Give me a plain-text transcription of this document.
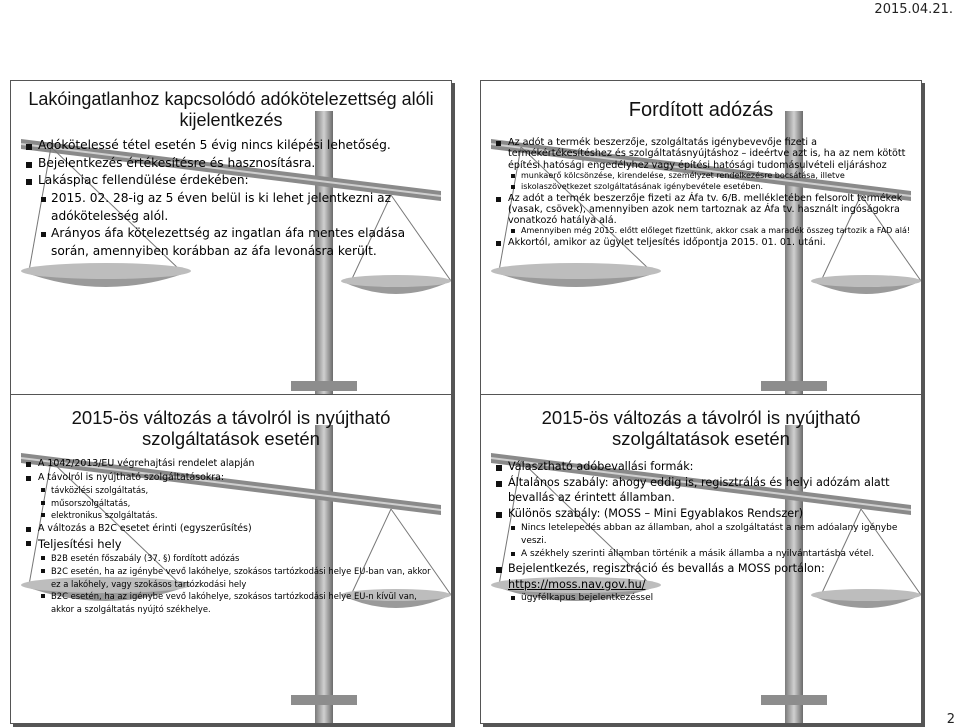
2015.04.21.
2
Lakóingatlanhoz kapcsolódó adókötelezettség alóli kijelentkezés
Adókötelessé tétel esetén 5 évig nincs kilépési lehetőség.
Bejelentkezés értékesítésre és hasznosításra.
Lakáspiac fellendülése érdekében:
2015. 02. 28-ig az 5 éven belül is ki lehet jelentkezni az adókötelesség alól.
Arányos áfa kötelezettség az ingatlan áfa mentes eladása során, amennyiben korábban az áfa levonásra került.
Fordított adózás
Az adót a termék beszerzője, szolgáltatás igénybevevője fizeti a termékértékesítéshez és szolgáltatásnyújtáshoz – ideértve azt is, ha az nem kötött építési hatósági engedélyhez vagy építési hatósági tudomásulvételi eljáráshoz
munkaerő kölcsönzése, kirendelése, személyzet rendelkezésre bocsátása, illetve
iskolaszövetkezet szolgáltatásának igénybevétele esetében.
Az adót a termék beszerzője fizeti az Áfa tv. 6/B. mellékletében felsorolt termékek (vasak, csövek), amennyiben azok nem tartoznak az Áfa tv. használt ingóságokra vonatkozó hatálya alá.
Amennyiben még 2015. előtt előleget fizettünk, akkor csak a maradék összeg tartozik a FAD alá!
Akkortól, amikor az ügylet teljesítés időpontja 2015. 01. 01. utáni.
2015-ös változás a távolról is nyújtható szolgáltatások esetén
A 1042/2013/EU végrehajtási rendelet alapján
A távolról is nyújtható szolgáltatásokra:
távközlési szolgáltatás,
műsorszolgáltatás,
elektronikus szolgáltatás.
A változás a B2C esetet érinti (egyszerűsítés)
Teljesítési hely
B2B esetén főszabály (37. §) fordított adózás
B2C esetén, ha az igénybe vevő lakóhelye, szokásos tartózkodási helye EU-ban van, akkor ez a lakóhely, vagy szokásos tartózkodási hely
B2C esetén, ha az igénybe vevő lakóhelye, szokásos tartózkodási helye EU-n kívül van, akkor a szolgáltatás nyújtó székhelye.
2015-ös változás a távolról is nyújtható szolgáltatások esetén
Választható adóbevallási formák:
Általános szabály: ahogy eddig is, regisztrálás és helyi adózám alatt bevallás az érintett államban.
Különös szabály: (MOSS – Mini Egyablakos Rendszer)
Nincs letelepedés abban az államban, ahol a szolgáltatást a nem adóalany igénybe veszi.
A székhely szerinti államban történik a másik államba a nyilvántartásba vétel.
Bejelentkezés, regisztráció és bevallás a MOSS portálon:
https://moss.nav.gov.hu/
ügyfélkapus bejelentkezéssel
